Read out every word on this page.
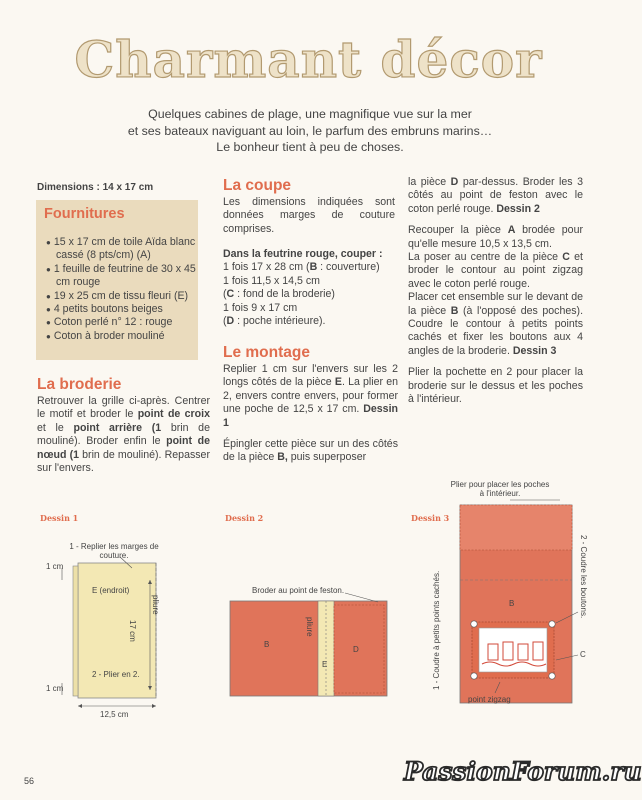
Charmant décor
Quelques cabines de plage, une magnifique vue sur la mer
et ses bateaux naviguant au loin, le parfum des embruns marins…
Le bonheur tient à peu de choses.
Dimensions : 14 x 17 cm
Fournitures
● 15 x 17 cm de toile Aïda blanc cassé (8 pts/cm) (A)
● 1 feuille de feutrine de 30 x 45 cm rouge
● 19 x 25 cm de tissu fleuri (E)
● 4 petits boutons beiges
● Coton perlé n° 12 : rouge
● Coton à broder mouliné
La broderie
Retrouver la grille ci-après. Centrer le motif et broder le point de croix et le point arrière (1 brin de mouliné). Broder enfin le point de nœud (1 brin de mouliné). Repasser sur l'envers.
La coupe
Les dimensions indiquées sont données marges de couture comprises.
Dans la feutrine rouge, couper :
1 fois 17 x 28 cm (B : couverture)
1 fois 11,5 x 14,5 cm
(C : fond de la broderie)
1 fois 9 x 17 cm
(D : poche intérieure).
Le montage
Replier 1 cm sur l'envers sur les 2 longs côtés de la pièce E. La plier en 2, envers contre envers, pour former une poche de 12,5 x 17 cm. Dessin 1
Épingler cette pièce sur un des côtés de la pièce B, puis superposer
la pièce D par-dessus. Broder les 3 côtés au point de feston avec le coton perlé rouge. Dessin 2
Recouper la pièce A brodée pour qu'elle mesure 10,5 x 13,5 cm.
La poser au centre de la pièce C et broder le contour au point zigzag avec le coton perlé rouge.
Placer cet ensemble sur le devant de la pièce B (à l'opposé des poches). Coudre le contour à petits points cachés et fixer les boutons aux 4 angles de la broderie. Dessin 3
Plier la pochette en 2 pour placer la broderie sur le dessus et les poches à l'intérieur.
Dessin 1	Dessin 2	Dessin 3
1 - Replier les marges de couture.
E (endroit)
pliure
17 cm
2 - Plier en 2.
1 cm
1 cm
12,5 cm
Broder au point de feston.
B
E
D
pliure
Plier pour placer les poches à l'intérieur.
2 - Coudre les boutons.
1 - Coudre à petits points cachés.	B
C
point zigzag
56	PassionForum.ru
